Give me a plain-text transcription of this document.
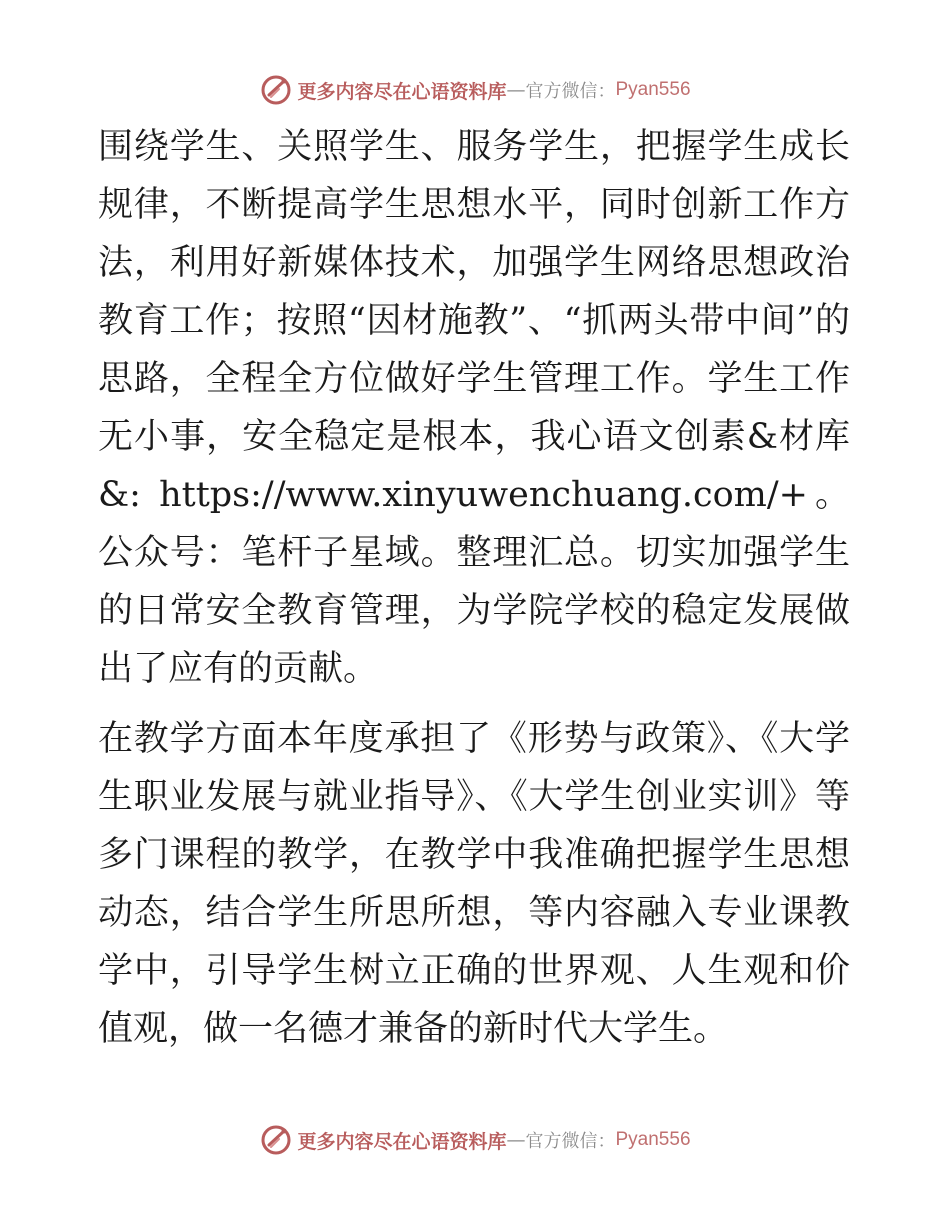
更多内容尽在心语资料库 — 官方微信： Pyan556

围绕学生、关照学生、服务学生，把握学生成长规律，不断提高学生思想水平，同时创新工作方法，利用好新媒体技术，加强学生网络思想政治教育工作；按照“因材施教”、“抓两头带中间”的思路，全程全方位做好学生管理工作。学生工作无小事，安全稳定是根本，我心语文创素&材库&: https://www.xinyuwenchuang.com/+。公众号：笔杆子星域。整理汇总。切实加强学生的日常安全教育管理，为学院学校的稳定发展做出了应有的贡献。

在教学方面本年度承担了《形势与政策》、《大学生职业发展与就业指导》、《大学生创业实训》等多门课程的教学，在教学中我准确把握学生思想动态，结合学生所思所想，等内容融入专业课教学中，引导学生树立正确的世界观、人生观和价值观，做一名德才兼备的新时代大学生。

更多内容尽在心语资料库 — 官方微信： Pyan556
